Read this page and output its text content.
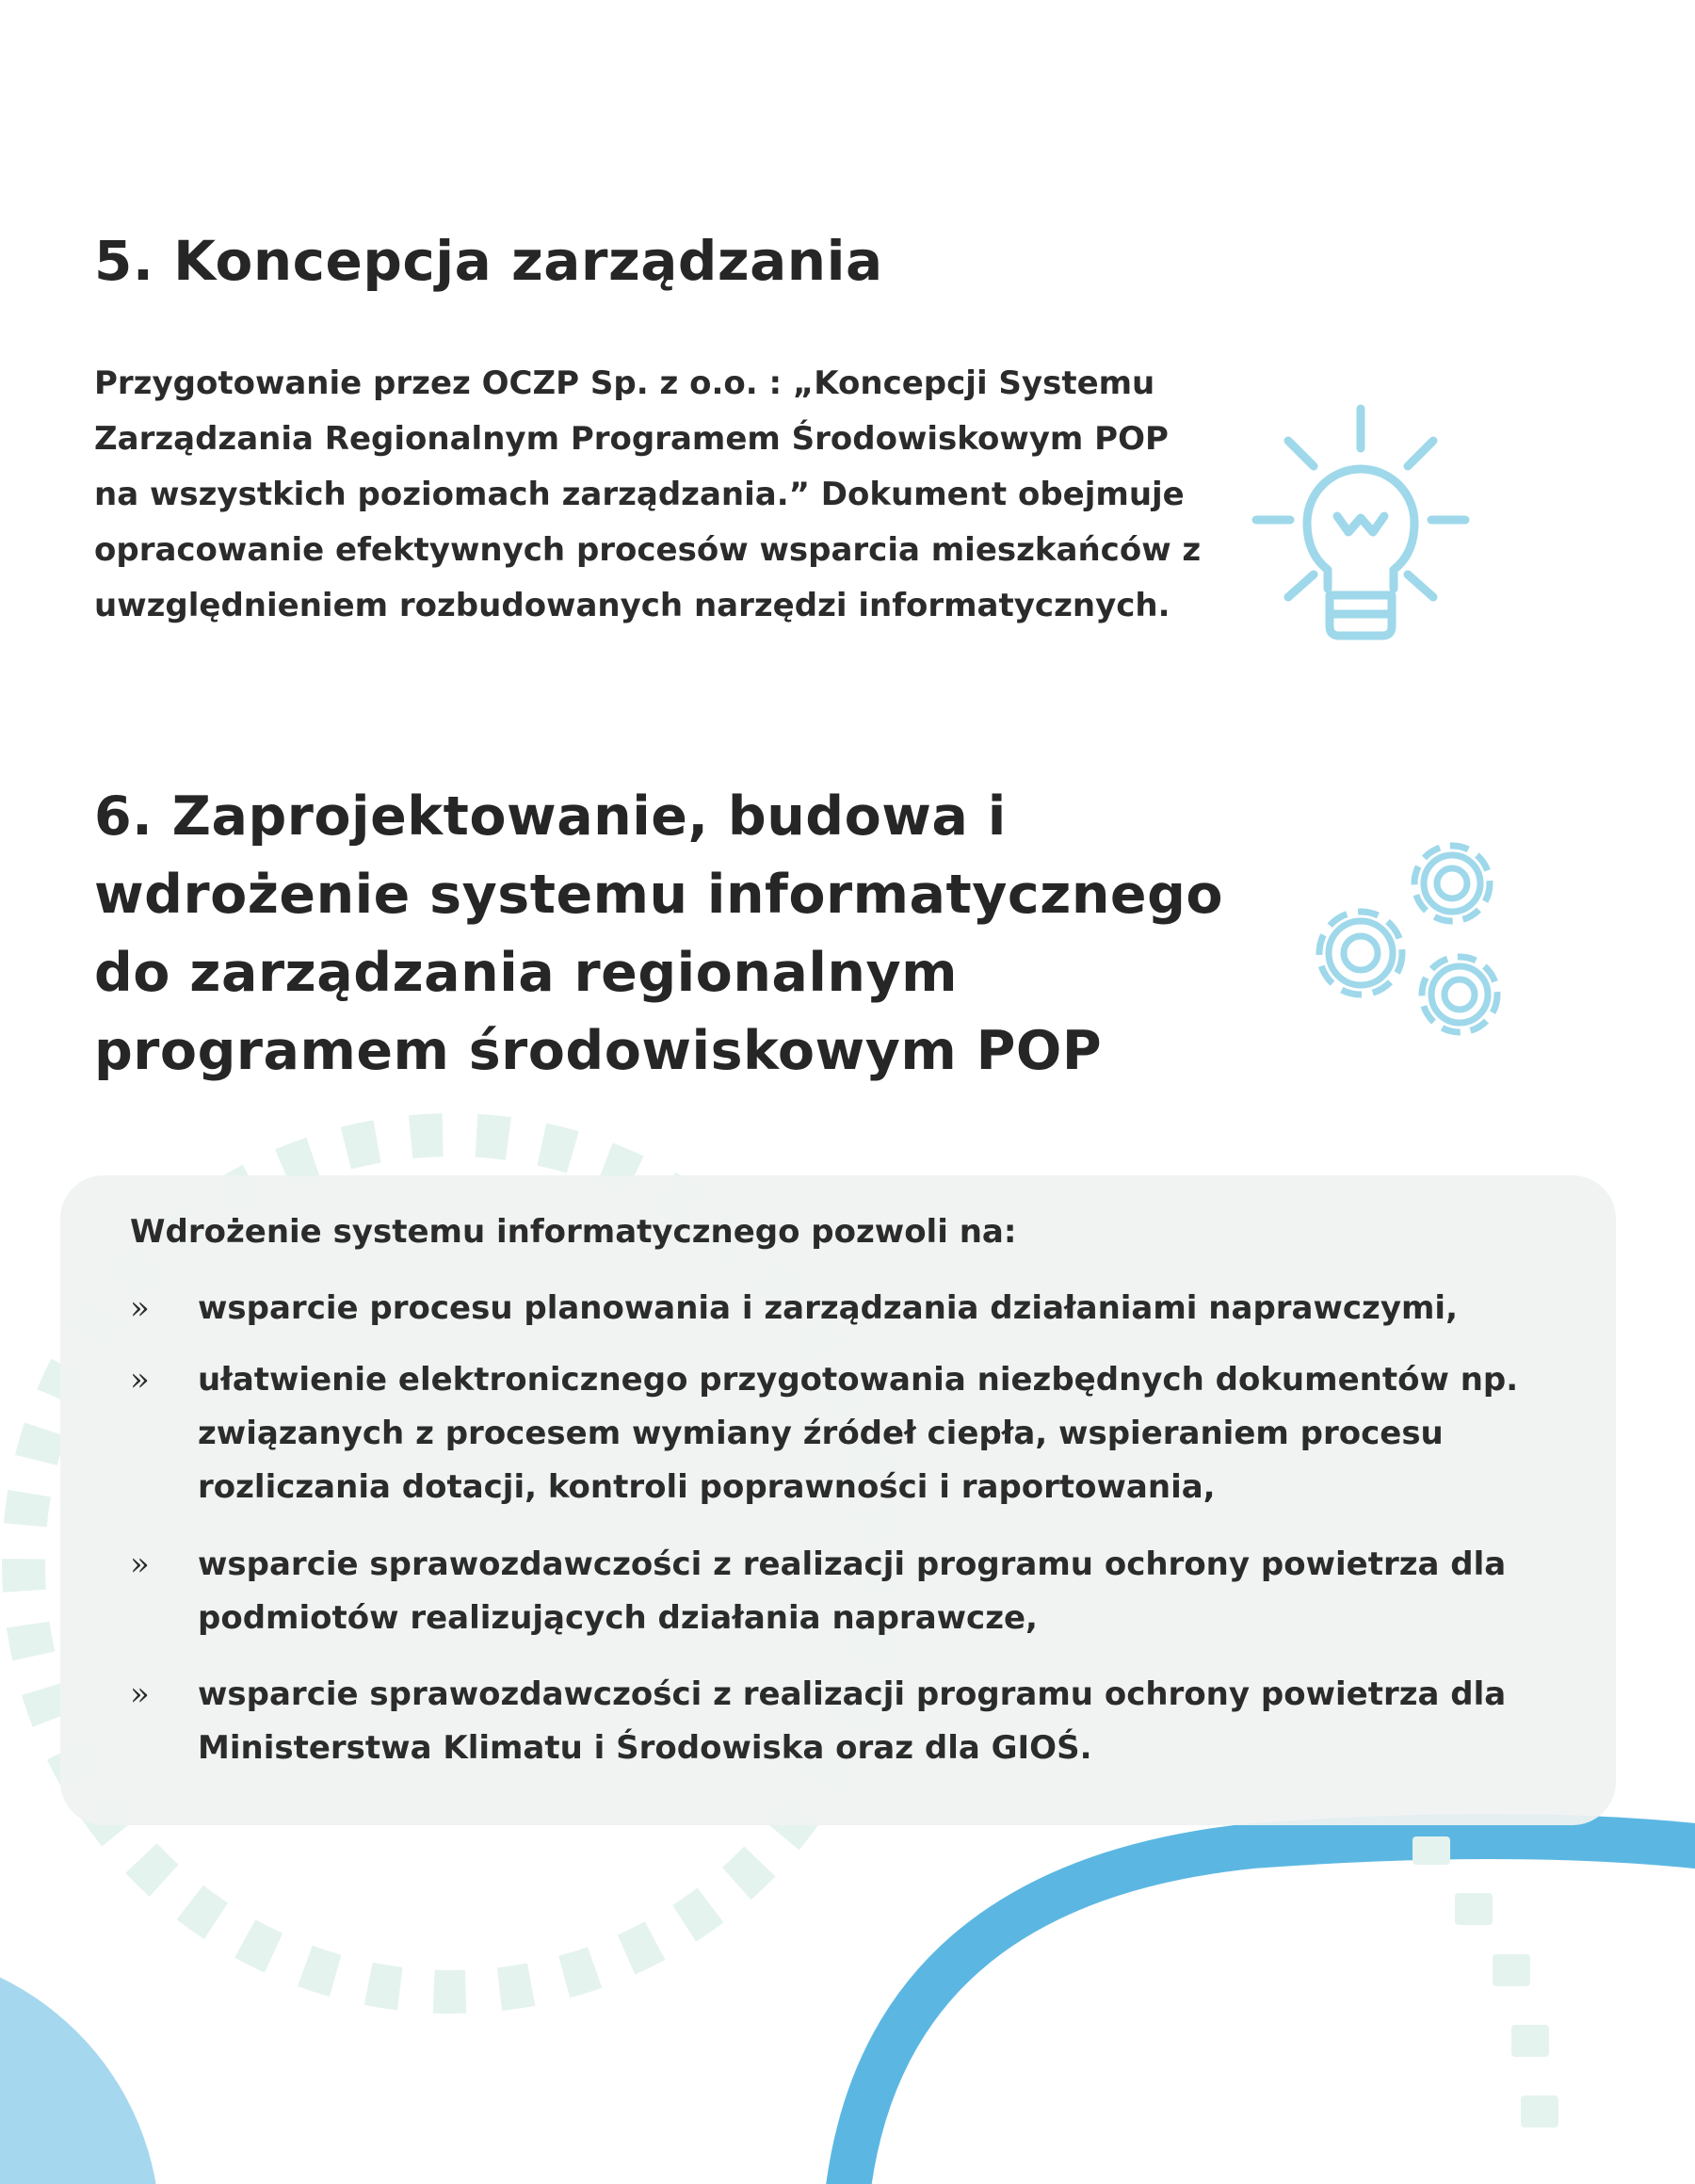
5. Koncepcja zarządzania

Przygotowanie przez OCZP Sp. z o.o. : „Koncepcji Systemu Zarządzania Regionalnym Programem Środowiskowym POP na wszystkich poziomach zarządzania.” Dokument obejmuje opracowanie efektywnych procesów wsparcia mieszkańców z uwzględnieniem rozbudowanych narzędzi informatycznych.

6. Zaprojektowanie, budowa i wdrożenie systemu informatycznego do zarządzania regionalnym programem środowiskowym POP

Wdrożenie systemu informatycznego pozwoli na:

» wsparcie procesu planowania i zarządzania działaniami naprawczymi,

» ułatwienie elektronicznego przygotowania niezbędnych dokumentów np. związanych z procesem wymiany źródeł ciepła, wspieraniem procesu rozliczania dotacji, kontroli poprawności i raportowania,

» wsparcie sprawozdawczości z realizacji programu ochrony powietrza dla podmiotów realizujących działania naprawcze,

» wsparcie sprawozdawczości z realizacji programu ochrony powietrza dla Ministerstwa Klimatu i Środowiska oraz dla GIOŚ.
